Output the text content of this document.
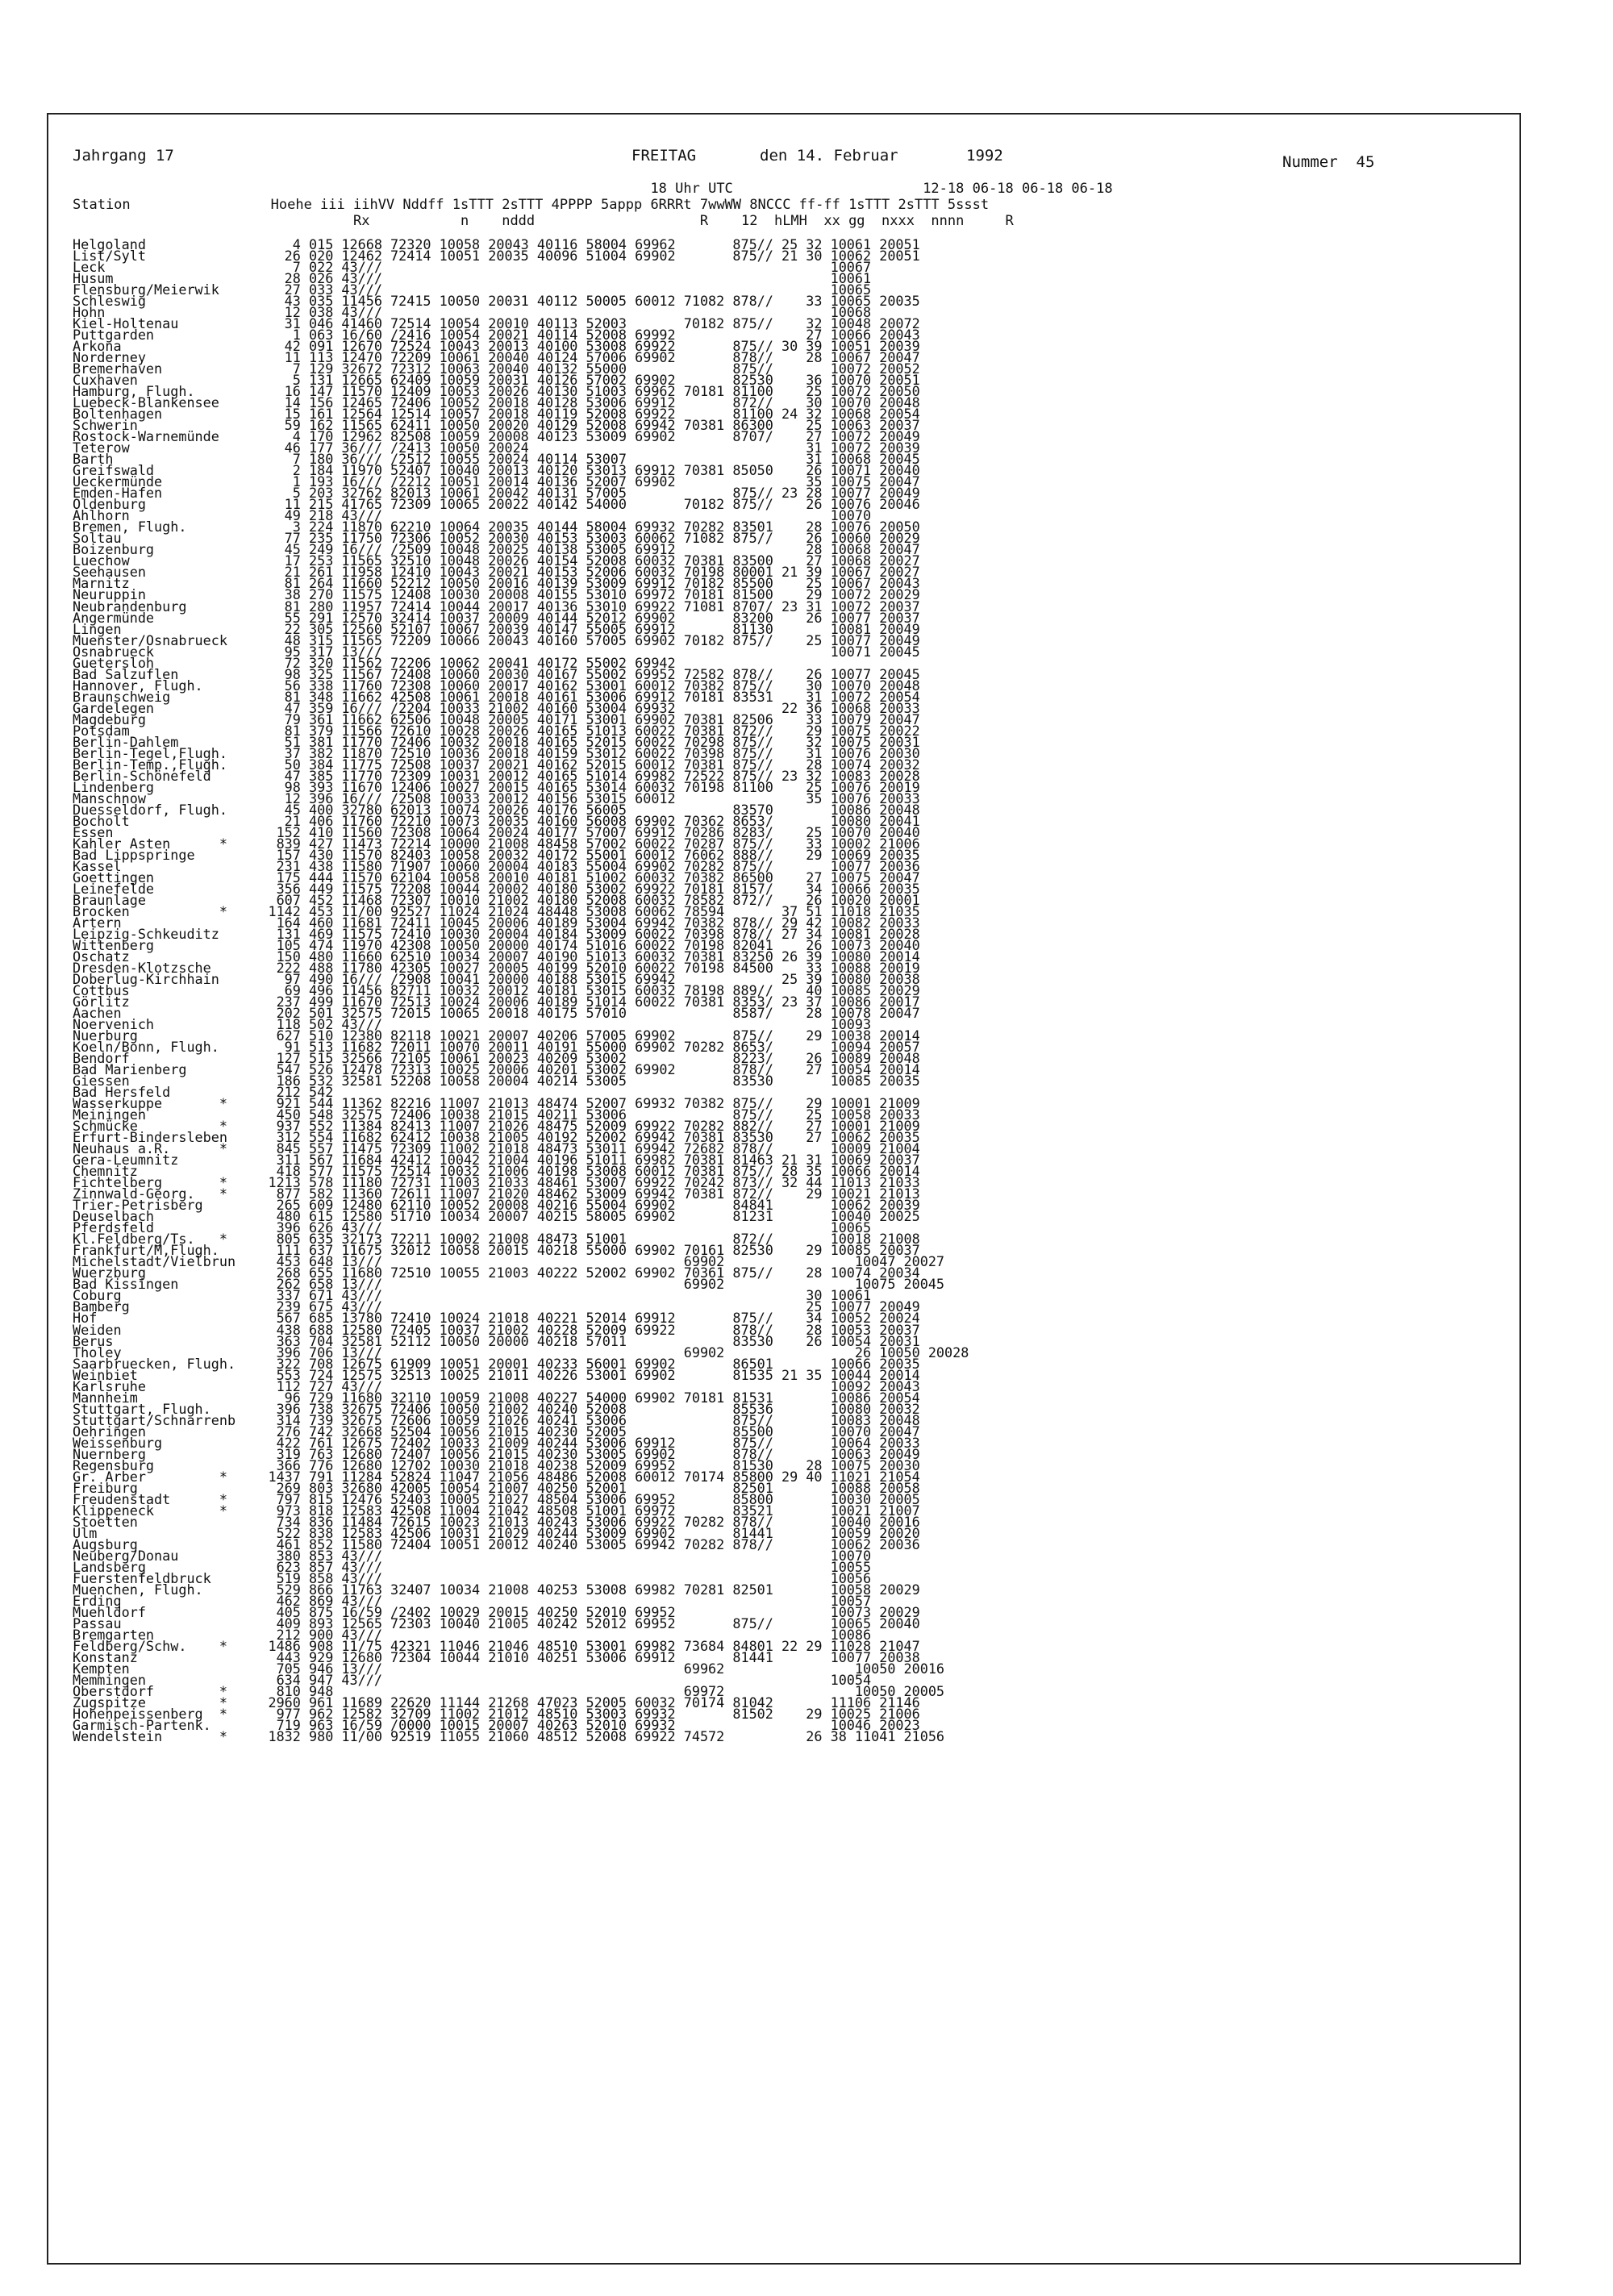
Jahrgang 17	FREITAG	den 14. Februar	1992	Nummer  45
18 Uhr UTC                       12-18 06-18 06-18 06-18
Station                 Hoehe iii iihVV Nddff 1sTTT 2sTTT 4PPPP 5appp 6RRRt 7wwWW 8NCCC ff-ff 1sTTT 2sTTT 5ssst
Rx           n    nddd                    R    12  hLMH  xx gg  nxxx  nnnn     R
Helgoland                  4 015 12668 72320 10058 20043 40116 58004 69962       875// 25 32 10061 20051
List/Sylt                 26 020 12462 72414 10051 20035 40096 51004 69902       875// 21 30 10062 20051
Leck                       7 022 43///                                                       10067
Husum                     28 026 43///                                                       10061
Flensburg/Meierwik        27 033 43///                                                       10065
Schleswig                 43 035 11456 72415 10050 20031 40112 50005 60012 71082 878//    33 10065 20035
Hohn                      12 038 43///                                                       10068
Kiel-Holtenau             31 046 41460 72514 10054 20010 40113 52003       70182 875//    32 10048 20072
Puttgarden                 1 063 16/60 /2416 10054 20021 40114 52008 69992                27 10066 20043
Arkona                    42 091 12670 72524 10043 20013 40100 53008 69922       875// 30 39 10051 20039
Norderney                 11 113 12470 72209 10061 20040 40124 57006 69902       878//    28 10067 20047
Bremerhaven                7 129 32672 72312 10063 20040 40132 55000             875//       10072 20052
Cuxhaven                   5 131 12665 62409 10059 20031 40126 57002 69902       82530    36 10070 20051
Hamburg, Flugh.           16 147 11570 12409 10053 20026 40130 51003 69962 70181 81100    25 10072 20050
Luebeck-Blankensee        14 156 12465 72406 10052 20018 40128 53006 69912       872//    30 10070 20048
Boltenhagen               15 161 12564 12514 10057 20018 40119 52008 69922       81100 24 32 10068 20054
Schwerin                  59 162 11565 62411 10050 20020 40129 52008 69942 70381 86300    25 10063 20037
Rostock-Warnemünde         4 170 12962 82508 10059 20008 40123 53009 69902       8707/    27 10072 20049
Teterow                   46 177 36/// /2413 10050 20024                                  31 10072 20039
Barth                      7 180 36/// /2512 10055 20024 40114 53007                      31 10068 20045
Greifswald                 2 184 11970 52407 10040 20013 40120 53013 69912 70381 85050    26 10071 20040
Ueckermünde                1 193 16/// /2212 10051 20014 40136 52007 69902                35 10075 20047
Emden-Hafen                5 203 32762 82013 10061 20042 40131 57005             875// 23 28 10077 20049
Oldenburg                 11 215 41765 72309 10065 20022 40142 54000       70182 875//    26 10076 20046
Ahlhorn                   49 218 43///                                                       10070
Bremen, Flugh.             3 224 11870 62210 10064 20035 40144 58004 69932 70282 83501    28 10076 20050
Soltau                    77 235 11750 72306 10052 20030 40153 53003 60062 71082 875//    26 10060 20029
Boizenburg                45 249 16/// /2509 10048 20025 40138 53005 69912                28 10068 20047
Luechow                   17 253 11565 32510 10048 20026 40154 52008 60032 70381 83500    27 10068 20027
Seehausen                 21 261 11958 12410 10043 20021 40153 52006 60032 70198 80001 21 39 10067 20027
Marnitz                   81 264 11660 52212 10050 20016 40139 53009 69912 70182 85500    25 10067 20043
Neuruppin                 38 270 11575 12408 10030 20008 40155 53010 69972 70181 81500    29 10072 20029
Neubrandenburg            81 280 11957 72414 10044 20017 40136 53010 69922 71081 8707/ 23 31 10072 20037
Angermünde                55 291 12570 32414 10037 20009 40144 52012 69902       83200    26 10077 20037
Lingen                    22 305 12560 52107 10067 20039 40147 55005 69912       81130       10081 20049
Muenster/Osnabrueck       48 315 11565 72209 10066 20043 40160 57005 69902 70182 875//    25 10077 20049
Osnabrueck                95 317 13///                                                       10071 20045
Guetersloh                72 320 11562 72206 10062 20041 40172 55002 69942
Bad Salzuflen             98 325 11567 72408 10060 20030 40167 55002 69952 72582 878//    26 10077 20045
Hannover, Flugh.          56 338 11760 72308 10060 20017 40162 53001 60012 70382 875//    30 10070 20048
Braunschweig              81 348 11662 42508 10061 20018 40161 53006 69912 70181 83531    31 10072 20054
Gardelegen                47 359 16/// /2204 10033 21002 40160 53004 69932             22 36 10068 20033
Magdeburg                 79 361 11662 62506 10048 20005 40171 53001 69902 70381 82506    33 10079 20047
Potsdam                   81 379 11566 72610 10028 20026 40165 51013 60022 70381 872//    29 10075 20022
Berlin-Dahlem             51 381 11770 72406 10032 20018 40165 52015 60022 70298 875//    32 10075 20031
Berlin-Tegel,Flugh.       37 382 11870 72510 10036 20018 40159 53012 60022 70398 875//    31 10076 20030
Berlin-Temp.,Flugh.       50 384 11775 72508 10037 20021 40162 52015 60012 70381 875//    28 10074 20032
Berlin-Schönefeld         47 385 11770 72309 10031 20012 40165 51014 69982 72522 875// 23 32 10083 20028
Lindenberg                98 393 11670 12406 10027 20015 40165 53014 60032 70198 81100    25 10076 20019
Manschnow                 12 396 16/// /2508 10033 20012 40156 53015 60012                35 10076 20033
Duesseldorf, Flugh.       45 400 32780 62013 10074 20026 40176 56005             83570       10086 20048
Bocholt                   21 406 11760 72210 10073 20035 40160 56008 69902 70362 8653/       10080 20041
Essen                    152 410 11560 72308 10064 20024 40177 57007 69912 70286 8283/    25 10070 20040
Kahler Asten      *      839 427 11473 72214 10000 21008 48458 57002 60022 70287 875//    33 10002 21006
Bad Lippspringe          157 430 11570 82403 10058 20032 40172 55001 60012 76062 888//    29 10069 20035
Kassel                   231 438 11580 71907 10060 20004 40183 55004 69902 70282 875//       10077 20036
Goettingen               175 444 11570 62104 10058 20010 40181 51002 60032 70382 86500    27 10075 20047
Leinefelde               356 449 11575 72208 10044 20002 40180 53002 69922 70181 8157/    34 10066 20035
Braunlage                607 452 11468 72307 10010 21002 40180 52008 60032 78582 872//    26 10020 20001
Brocken           *     1142 453 11/00 92527 11024 21024 48448 53008 60062 78594       37 51 11018 21035
Artern                   164 460 11681 72411 10045 20006 40189 53004 69942 70382 878// 29 42 10082 20033
Leipzig-Schkeuditz       131 469 11575 72410 10030 20004 40184 53009 60022 70398 878// 27 34 10081 20028
Wittenberg               105 474 11970 42308 10050 20000 40174 51016 60022 70198 82041    26 10073 20040
Oschatz                  150 480 11660 62510 10034 20007 40190 51013 60032 70381 83250 26 39 10080 20014
Dresden-Klotzsche        222 488 11780 42305 10027 20005 40199 52010 60022 70198 84500    33 10088 20019
Doberlug-Kirchhain        97 490 16/// /2908 10041 20000 40188 53015 69942             25 39 10080 20038
Cottbus                   69 496 11456 82711 10032 20012 40181 53015 60032 78198 889//    40 10085 20029
Görlitz                  237 499 11670 72513 10024 20006 40189 51014 60022 70381 8353/ 23 37 10086 20017
Aachen                   202 501 32575 72015 10065 20018 40175 57010             8587/    28 10078 20047
Noervenich               118 502 43///                                                       10093
Nuerburg                 627 510 12380 82118 10021 20007 40206 57005 69902       875//    29 10038 20014
Koeln/Bonn, Flugh.        91 513 11682 72011 10070 20011 40191 55000 69902 70282 8653/       10094 20057
Bendorf                  127 515 32566 72105 10061 20023 40209 53002             8223/    26 10089 20048
Bad Marienberg           547 526 12478 72313 10025 20006 40201 53002 69902       878//    27 10054 20014
Giessen                  186 532 32581 52208 10058 20004 40214 53005             83530       10085 20035
Bad Hersfeld             212 542
Wasserkuppe       *      921 544 11362 82216 11007 21013 48474 52007 69932 70382 875//    29 10001 21009
Meiningen                450 548 32575 72406 10038 21015 40211 53006             875//    25 10058 20033
Schmücke          *      937 552 11384 82413 11007 21026 48475 52009 69922 70282 882//    27 10001 21009
Erfurt-Bindersleben      312 554 11682 62412 10038 21005 40192 52002 69942 70381 83530    27 10062 20035
Neuhaus a.R.      *      845 557 11475 72309 11002 21018 48473 53011 69942 72682 878//       10009 21004
Gera-Leumnitz            311 567 11684 42412 10042 21004 40196 51011 69982 70381 81463 21 31 10069 20037
Chemnitz                 418 577 11575 72514 10032 21006 40198 53008 60012 70381 875// 28 35 10066 20014
Fichtelberg       *     1213 578 11180 72731 11003 21033 48461 53007 69922 70242 873// 32 44 11013 21033
Zinnwald-Georg.   *      877 582 11360 72611 11007 21020 48462 53009 69942 70381 872//    29 10021 21013
Trier-Petrisberg         265 609 12480 62110 10052 20008 40216 55004 69902       84841       10062 20039
Deuselbach               480 615 12580 51710 10034 20007 40215 58005 69902       81231       10040 20025
Pferdsfeld               396 626 43///                                                       10065
Kl.Feldberg/Ts.   *      805 635 32173 72211 10002 21008 48473 51001             872//       10018 21008
Frankfurt/M,Flugh.       111 637 11675 32012 10058 20015 40218 55000 69902 70161 82530    29 10085 20037
Michelstadt/Vielbrun     453 648 13///                                     69902                10047 20027
Wuerzburg                268 655 11680 72510 10055 21003 40222 52002 69902 70361 875//    28 10074 20034
Bad Kissingen            262 658 13///                                     69902                10075 20045
Coburg                   337 671 43///                                                    30 10061
Bamberg                  239 675 43///                                                    25 10077 20049
Hof                      567 685 13780 72410 10024 21018 40221 52014 69912       875//    34 10052 20024
Weiden                   438 688 12580 72405 10037 21002 40228 52009 69922       878//    28 10053 20037
Berus                    363 704 32581 52112 10050 20000 40218 57011             83530    26 10054 20031
Tholey                   396 706 13///                                     69902                26 10050 20028
Saarbruecken, Flugh.     322 708 12675 61909 10051 20001 40233 56001 69902       86501       10066 20035
Weinbiet                 553 724 12575 32513 10025 21011 40226 53001 69902       81535 21 35 10044 20014
Karlsruhe                112 727 43///                                                       10092 20043
Mannheim                  96 729 11680 32110 10059 21008 40227 54000 69902 70181 81531       10086 20054
Stuttgart, Flugh.        396 738 32675 72406 10050 21002 40240 52008             85536       10080 20032
Stuttgart/Schnarrenb     314 739 32675 72606 10059 21026 40241 53006             875//       10083 20048
Oehringen                276 742 32668 52504 10056 21015 40230 52005             85500       10070 20047
Weissenburg              422 761 12675 72402 10033 21009 40244 53006 69912       875//       10064 20033
Nuernberg                319 763 12680 72407 10056 21015 40230 53005 69902       878//       10063 20049
Regensburg               366 776 12680 12702 10030 21018 40238 52009 69952       81530    28 10075 20030
Gr. Arber         *     1437 791 11284 52824 11047 21056 48486 52008 60012 70174 85800 29 40 11021 21054
Freiburg                 269 803 32680 42005 10054 21007 40250 52001             82501       10088 20058
Freudenstadt      *      797 815 12476 52403 10005 21027 48504 53006 69952       85800       10030 20005
Klippeneck        *      973 818 12583 42508 11004 21042 48508 51001 69972       83521       10021 21007
Stoetten                 734 836 11484 72615 10023 21013 40243 53006 69922 70282 878//       10040 20016
Ulm                      522 838 12583 42506 10031 21029 40244 53009 69902       81441       10059 20020
Augsburg                 461 852 11580 72404 10051 20012 40240 53005 69942 70282 878//       10062 20036
Neuberg/Donau            380 853 43///                                                       10070
Landsberg                623 857 43///                                                       10055
Fuerstenfeldbruck        519 858 43///                                                       10056
Muenchen, Flugh.         529 866 11763 32407 10034 21008 40253 53008 69982 70281 82501       10058 20029
Erding                   462 869 43///                                                       10057
Muehldorf                405 875 16/59 /2402 10029 20015 40250 52010 69952                   10073 20029
Passau                   409 893 12565 72303 10040 21005 40242 52012 69952       875//       10065 20040
Bremgarten               212 900 43///                                                       10086
Feldberg/Schw.    *     1486 908 11/75 42321 11046 21046 48510 53001 69982 73684 84801 22 29 11028 21047
Konstanz                 443 929 12680 72304 10044 21010 40251 53006 69912       81441       10077 20038
Kempten                  705 946 13///                                     69962                10050 20016
Memmingen                634 947 43///                                                       10054
Oberstdorf        *      810 948                                           69972                10050 20005
Zugspitze         *     2960 961 11689 22620 11144 21268 47023 52005 60032 70174 81042       11106 21146
Hohenpeissenberg  *      977 962 12582 32709 11002 21012 48510 53003 69932       81502    29 10025 21006
Garmisch-Partenk.        719 963 16/59 /0000 10015 20007 40263 52010 69932                   10046 20023
Wendelstein       *     1832 980 11/00 92519 11055 21060 48512 52008 69922 74572          26 38 11041 21056
